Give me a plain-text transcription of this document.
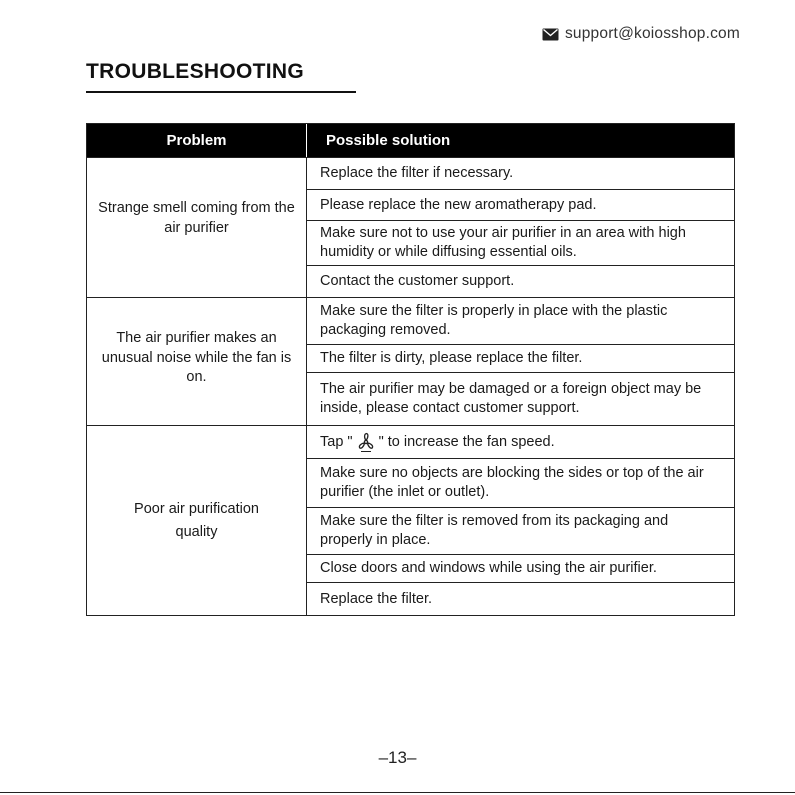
support@koiosshop.com
TROUBLESHOOTING
Problem	Possible solution
Strange smell coming from the air purifier
Replace the filter if necessary.
Please replace the new aromatherapy pad.
Make sure not to use your air purifier in an area with high humidity or while diffusing essential oils.
Contact the customer support.
The air purifier makes an unusual noise while the fan is on.
Make sure the filter is properly in place with the plastic packaging removed.
The filter is dirty, please replace the filter.
The air purifier may be damaged or a foreign object may be inside, please contact customer support.
Poor air purification quality
Tap " " to increase the fan speed.
Make sure no objects are blocking the sides or top of the air purifier (the inlet or outlet).
Make sure the filter is removed from its packaging and properly in place.
Close doors and windows while using the air purifier.
Replace the filter.
–13–
